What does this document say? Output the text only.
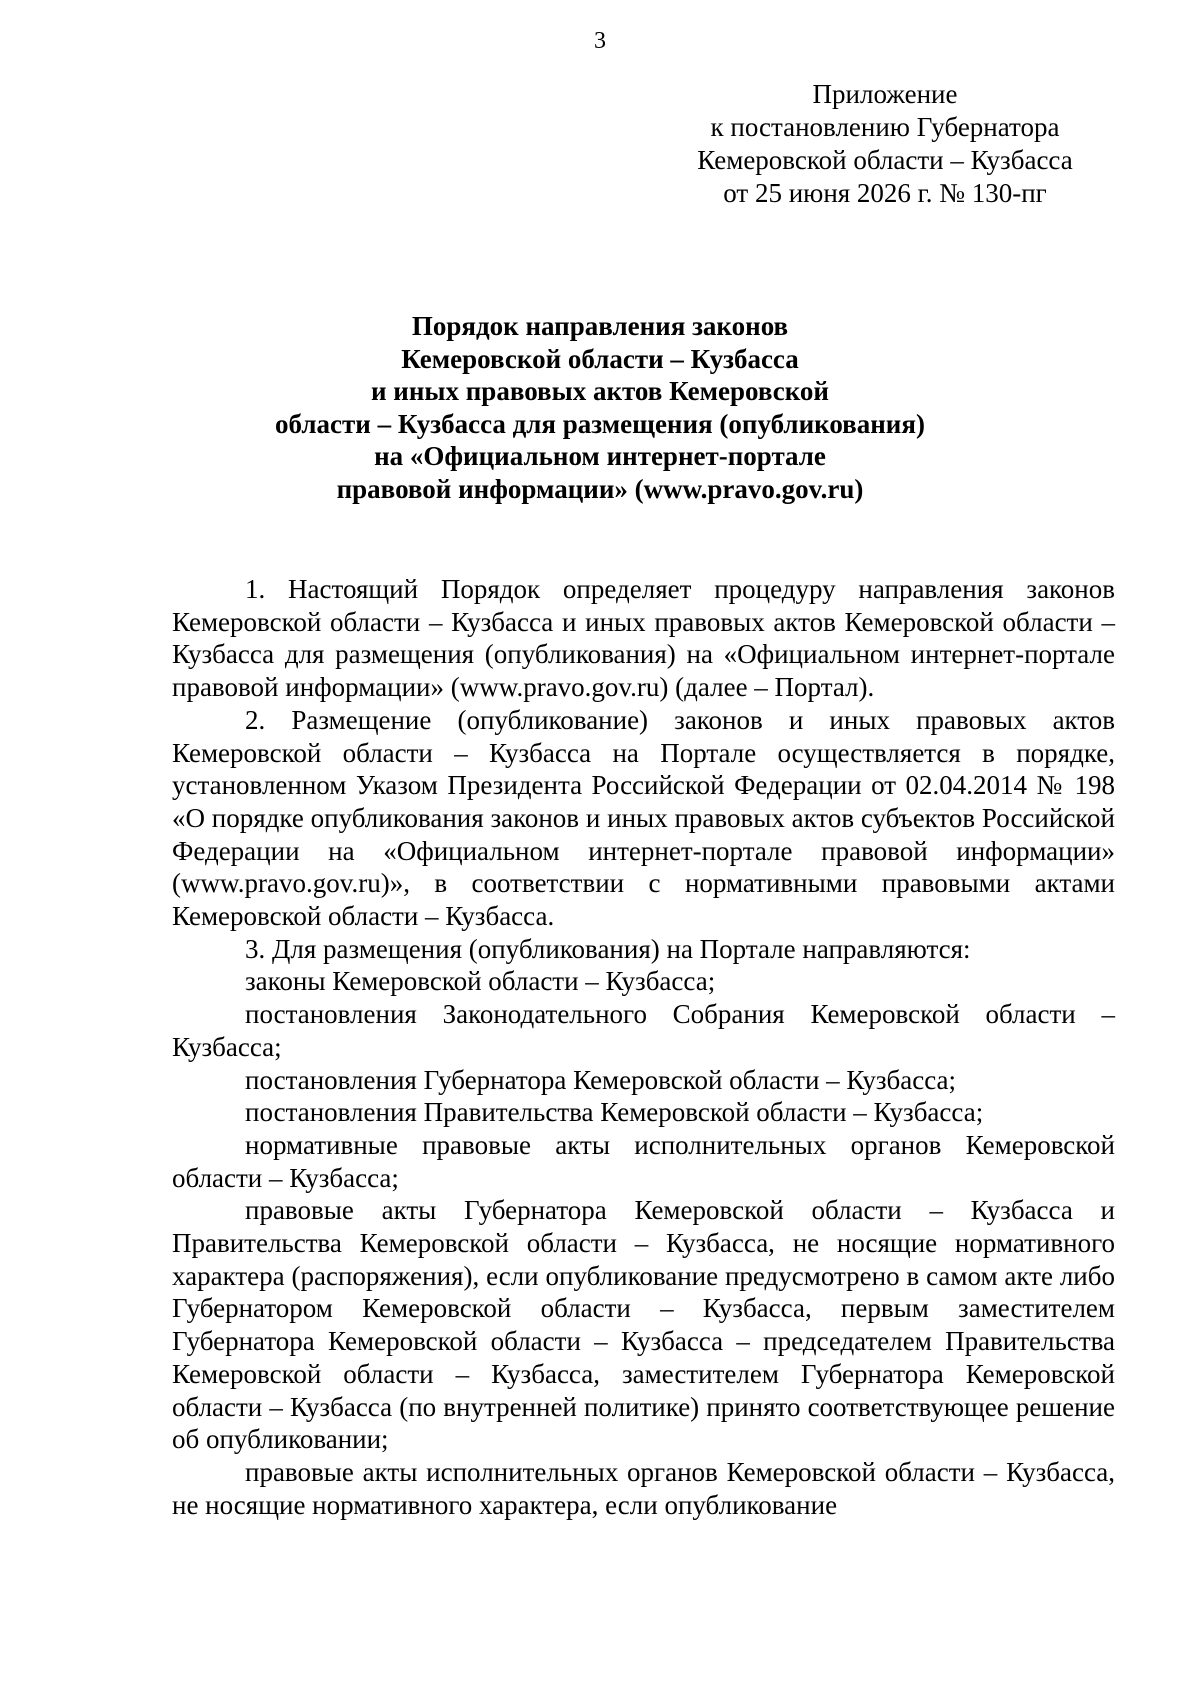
3
Приложение
к постановлению Губернатора
Кемеровской области – Кузбасса
от 25 июня 2026 г. № 130-пг
Порядок направления законов
Кемеровской области – Кузбасса
и иных правовых актов Кемеровской
области – Кузбасса для размещения (опубликования)
на «Официальном интернет-портале
правовой информации» (www.pravo.gov.ru)

1. Настоящий Порядок определяет процедуру направления законов Кемеровской области – Кузбасса и иных правовых актов Кемеровской области – Кузбасса для размещения (опубликования) на «Официальном интернет-портале правовой информации» (www.pravo.gov.ru) (далее – Портал).

2. Размещение (опубликование) законов и иных правовых актов Кемеровской области – Кузбасса на Портале осуществляется в порядке, установленном Указом Президента Российской Федерации от 02.04.2014 № 198 «О порядке опубликования законов и иных правовых актов субъектов Российской Федерации на «Официальном интернет-портале правовой информации» (www.pravo.gov.ru)», в соответствии с нормативными правовыми актами Кемеровской области – Кузбасса.

3. Для размещения (опубликования) на Портале направляются:

законы Кемеровской области – Кузбасса;

постановления Законодательного Собрания Кемеровской области – Кузбасса;

постановления Губернатора Кемеровской области – Кузбасса;

постановления Правительства Кемеровской области – Кузбасса;

нормативные правовые акты исполнительных органов Кемеровской области – Кузбасса;

правовые акты Губернатора Кемеровской области – Кузбасса и Правительства Кемеровской области – Кузбасса, не носящие нормативного характера (распоряжения), если опубликование предусмотрено в самом акте либо Губернатором Кемеровской области – Кузбасса, первым заместителем Губернатора Кемеровской области – Кузбасса – председателем Правительства Кемеровской области – Кузбасса, заместителем Губернатора Кемеровской области – Кузбасса (по внутренней политике) принято соответствующее решение об опубликовании;

правовые акты исполнительных органов Кемеровской области – Кузбасса, не носящие нормативного характера, если опубликование
